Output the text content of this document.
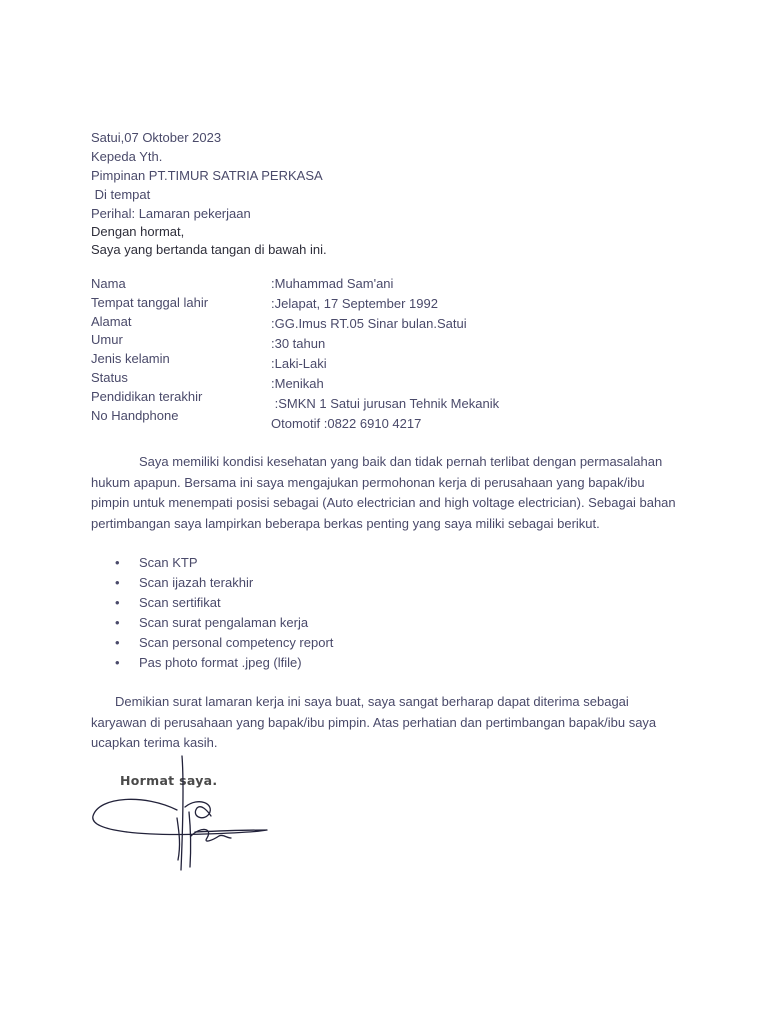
Satui,07 Oktober 2023
Kepeda Yth.
Pimpinan PT.TIMUR SATRIA PERKASA
Di tempat
Perihal: Lamaran pekerjaan
Dengan hormat,
Saya yang bertanda tangan di bawah ini.
Nama
Tempat tanggal lahir
Alamat
Umur
Jenis kelamin
Status
Pendidikan terakhir
No Handphone
:Muhammad Sam'ani
:Jelapat, 17 September 1992
:GG.Imus RT.05 Sinar bulan.Satui
:30 tahun
:Laki-Laki
:Menikah
:SMKN 1 Satui jurusan Tehnik Mekanik
Otomotif :0822 6910 4217

Saya memiliki kondisi kesehatan yang baik dan tidak pernah terlibat dengan permasalahan hukum apapun. Bersama ini saya mengajukan permohonan kerja di perusahaan yang bapak/ibu pimpin untuk menempati posisi sebagai (Auto electrician and high voltage electrician). Sebagai bahan pertimbangan saya lampirkan beberapa berkas penting yang saya miliki sebagai berikut.

• Scan KTP
• Scan ijazah terakhir
• Scan sertifikat
• Scan surat pengalaman kerja
• Scan personal competency report
• Pas photo format .jpeg (lfile)

Demikian surat lamaran kerja ini saya buat, saya sangat berharap dapat diterima sebagai karyawan di perusahaan yang bapak/ibu pimpin. Atas perhatian dan pertimbangan bapak/ibu saya ucapkan terima kasih.

Hormat saya.
